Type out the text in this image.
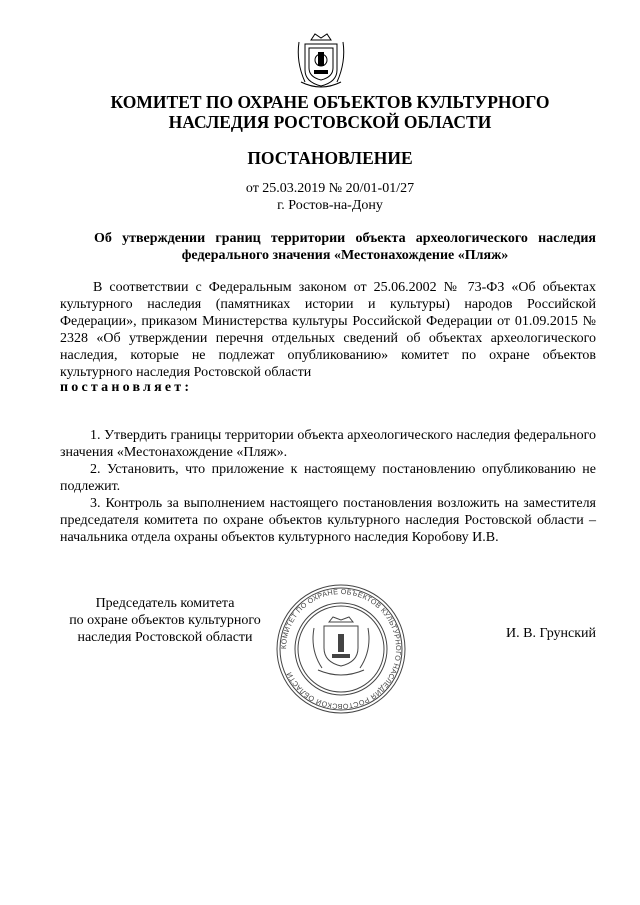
КОМИТЕТ ПО ОХРАНЕ ОБЪЕКТОВ КУЛЬТУРНОГО
НАСЛЕДИЯ РОСТОВСКОЙ ОБЛАСТИ
ПОСТАНОВЛЕНИЕ
от 25.03.2019 № 20/01-01/27
г. Ростов-на-Дону
Об утверждении границ территории объекта археологического наследия федерального значения «Местонахождение «Пляж»

В соответствии с Федеральным законом от 25.06.2002 № 73-ФЗ «Об объектах культурного наследия (памятниках истории и культуры) народов Российской Федерации», приказом Министерства культуры Российской Федерации от 01.09.2015 № 2328 «Об утверждении перечня отдельных сведений об объектах археологического наследия, которые не подлежат опубликованию» комитет по охране объектов культурного наследия Ростовской области

постановляет:

1. Утвердить границы территории объекта археологического наследия федерального значения «Местонахождение «Пляж».

2. Установить, что приложение к настоящему постановлению опубликованию не подлежит.

3. Контроль за выполнением настоящего постановления возложить на заместителя председателя комитета по охране объектов культурного наследия Ростовской области – начальника отдела охраны объектов культурного наследия Коробову И.В.

КОМИТЕТ ПО ОХРАНЕ ОБЪЕКТОВ КУЛЬТУРНОГО НАСЛЕДИЯ РОСТОВСКОЙ ОБЛАСТИ
Председатель комитета
по охране объектов культурного
наследия Ростовской области	И. В. Грунский
